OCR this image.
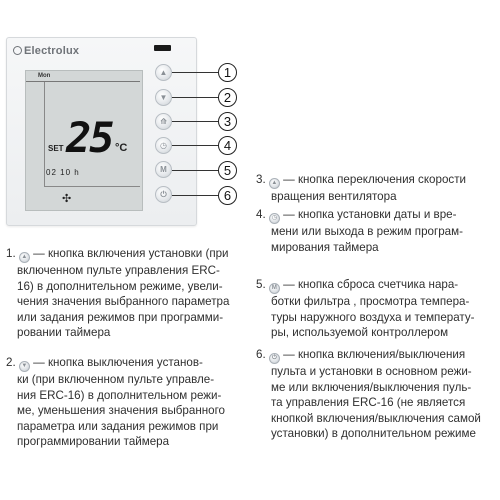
Electrolux
Mon
SET 25 °C
02 10 h
✣
▲
▼
⟰
◷
M
⏻
1
2
3
4
5
6
1. ▲ — кнопка включения установки (при
включенном пульте управления ERC-
16) в дополнительном режиме, увели-
чения значения выбранного параметра
или задания режимов при программи-
ровании таймера
2. ▼ — кнопка выключения установ-
ки (при включенном пульте управле-
ния ERC-16) в дополнительном режи-
ме, уменьшения значения выбранного
параметра или задания режимов при
программировании таймера
3. ▲ — кнопка переключения скорости
вращения вентилятора
4. ◷ — кнопка установки даты и вре-
мени или выхода в режим програм-
мирования таймера
5. M — кнопка сброса счетчика нара-
ботки фильтра , просмотра темпера-
туры наружного воздуха и температу-
ры, используемой контроллером
6. ⏻ — кнопка включения/выключения
пульта и установки в основном режи-
ме или включения/выключения пуль-
та управления ERC-16 (не является
кнопкой включения/выключения самой
установки) в дополнительном режиме
